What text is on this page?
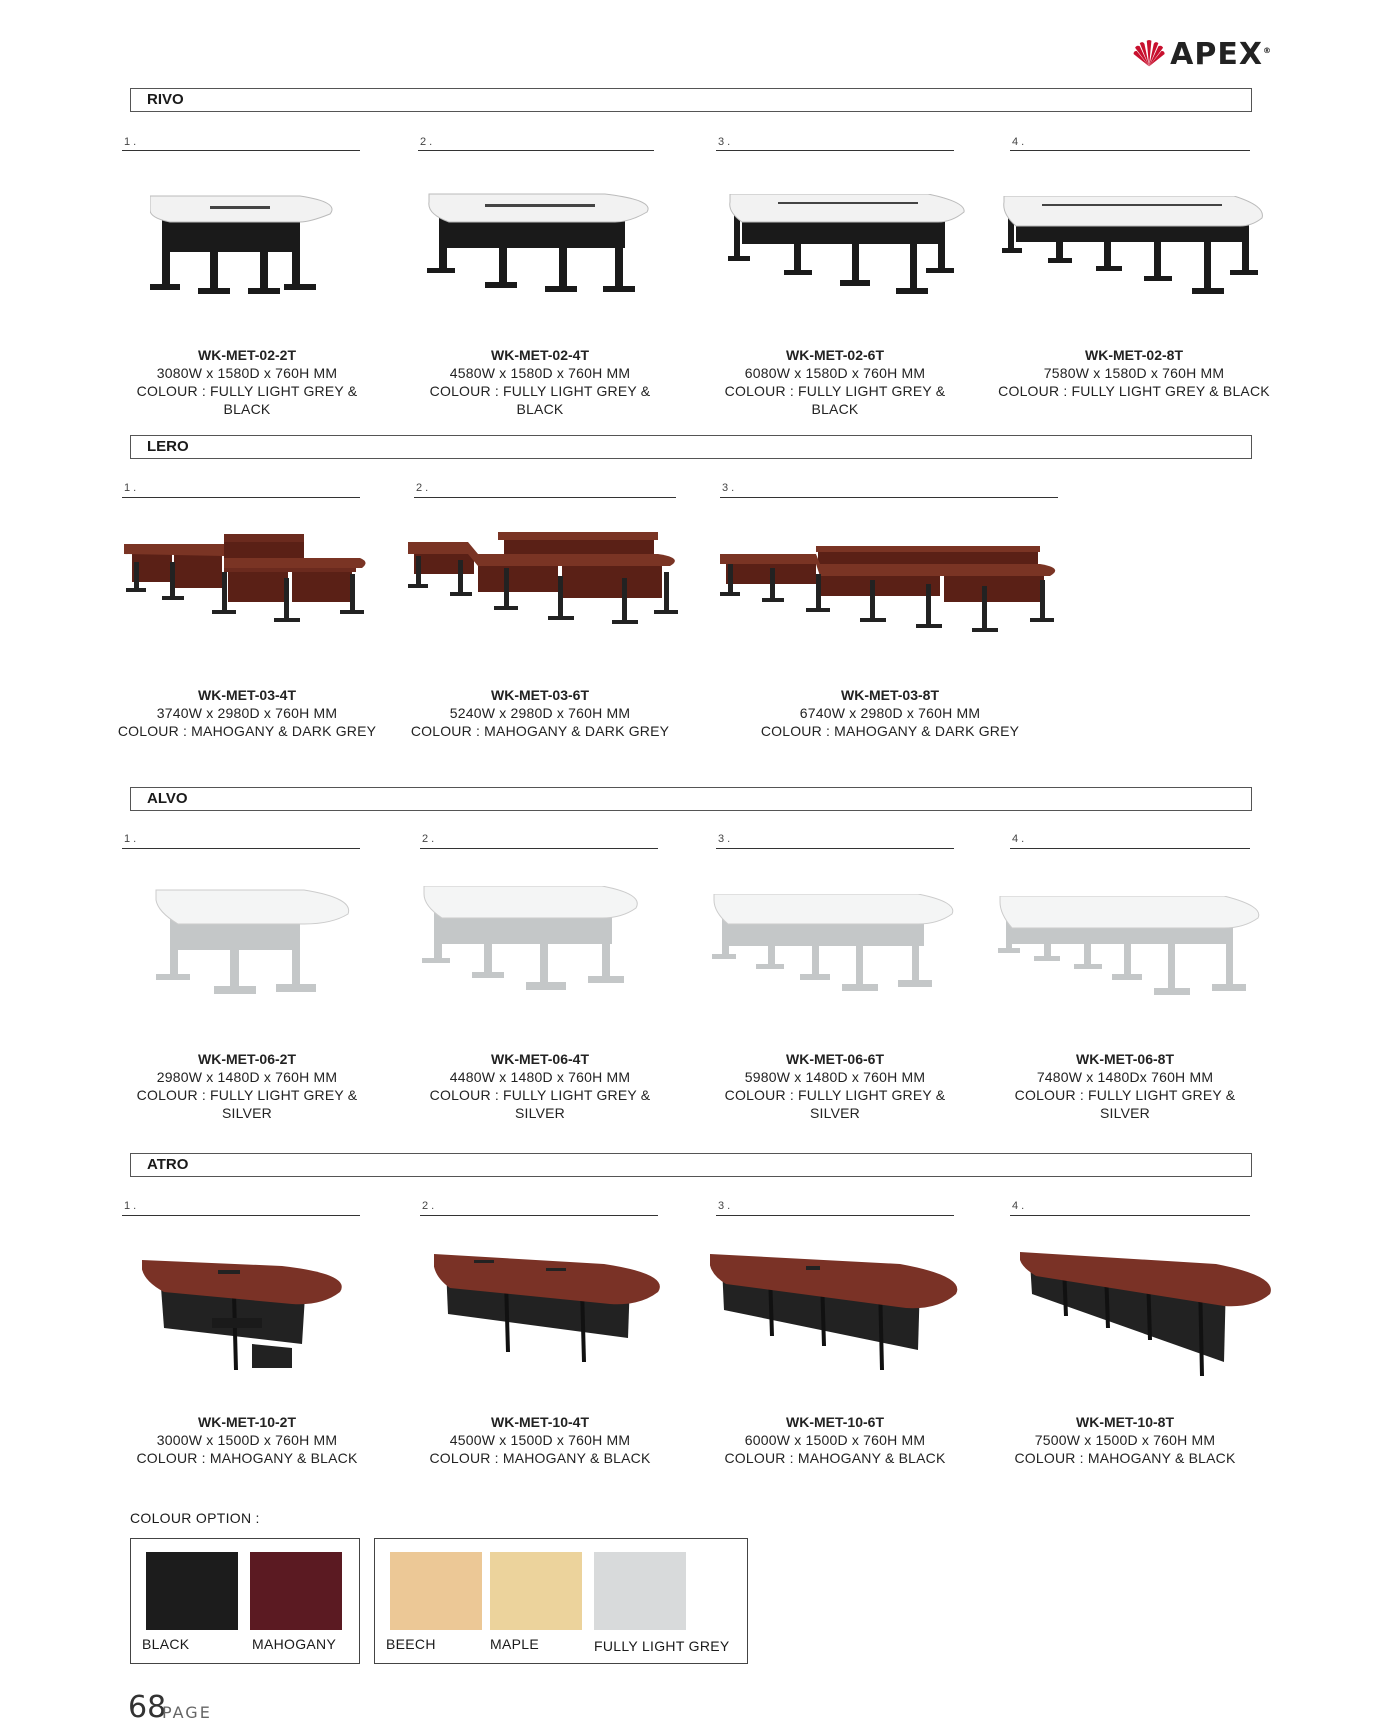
APEX®
RIVO
1 .	2 .	3 .	4 .
WK-MET-02-2T
3080W x 1580D x 760H MM
COLOUR : FULLY LIGHT GREY & BLACK
WK-MET-02-4T
4580W x 1580D x 760H MM
COLOUR : FULLY LIGHT GREY & BLACK
WK-MET-02-6T
6080W x 1580D x 760H MM
COLOUR : FULLY LIGHT GREY & BLACK
WK-MET-02-8T
7580W x 1580D x 760H MM
COLOUR : FULLY LIGHT GREY & BLACK
LERO
1 .	2 .	3 .
WK-MET-03-4T
3740W x 2980D x 760H MM
COLOUR : MAHOGANY & DARK GREY
WK-MET-03-6T
5240W x 2980D x 760H MM
COLOUR : MAHOGANY & DARK GREY
WK-MET-03-8T
6740W x 2980D x 760H MM
COLOUR : MAHOGANY & DARK GREY
ALVO
1 .	2 .	3 .	4 .
WK-MET-06-2T
2980W x 1480D x 760H MM
COLOUR : FULLY LIGHT GREY & SILVER
WK-MET-06-4T
4480W x 1480D x 760H MM
COLOUR : FULLY LIGHT GREY & SILVER
WK-MET-06-6T
5980W x 1480D x 760H MM
COLOUR : FULLY LIGHT GREY & SILVER
WK-MET-06-8T
7480W x 1480Dx 760H MM
COLOUR : FULLY LIGHT GREY & SILVER
ATRO
1 .	2 .	3 .	4 .
WK-MET-10-2T
3000W x 1500D x 760H MM
COLOUR : MAHOGANY & BLACK
WK-MET-10-4T
4500W x 1500D x 760H MM
COLOUR : MAHOGANY & BLACK
WK-MET-10-6T
6000W x 1500D x 760H MM
COLOUR : MAHOGANY & BLACK
WK-MET-10-8T
7500W x 1500D x 760H MM
COLOUR : MAHOGANY & BLACK
COLOUR OPTION :
BLACK	MAHOGANY	BEECH	MAPLE	FULLY LIGHT GREY
68
PAGE
